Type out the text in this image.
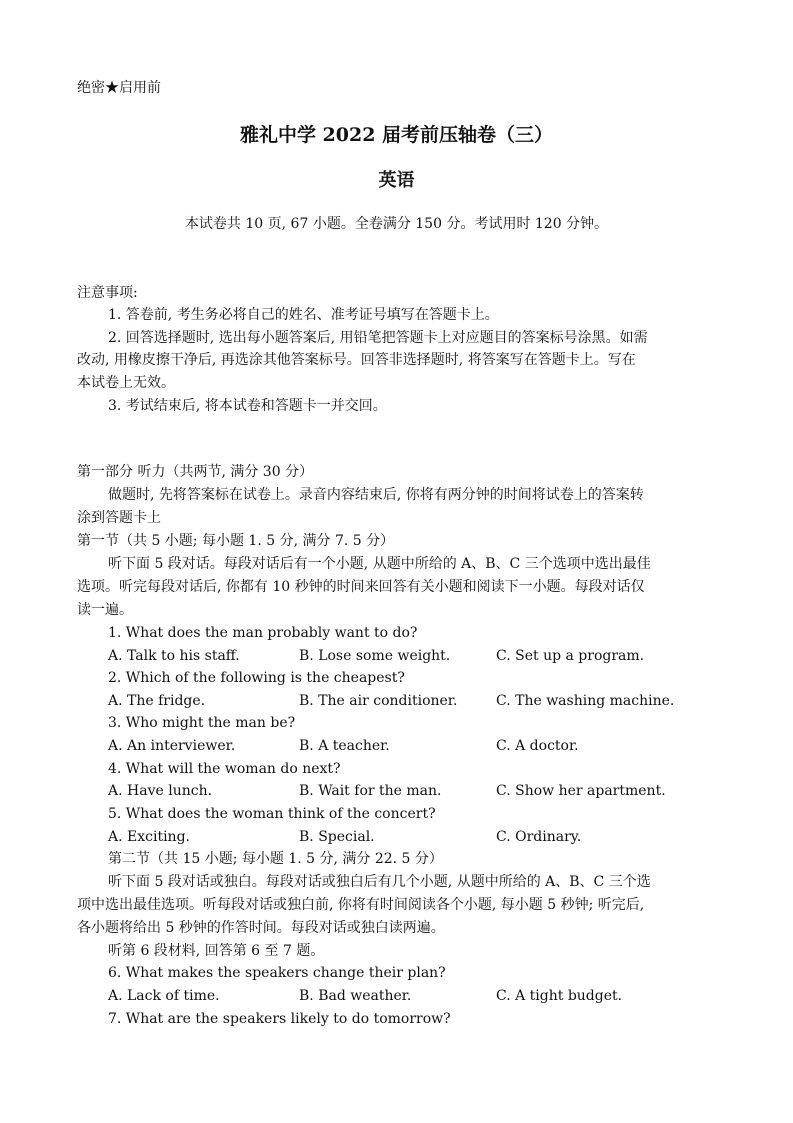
绝密★启用前
雅礼中学 2022 届考前压轴卷（三）
英语
本试卷共 10 页, 67 小题。全卷满分 150 分。考试用时 120 分钟。
注意事项:
1. 答卷前, 考生务必将自己的姓名、准考证号填写在答题卡上。
2. 回答选择题时, 选出每小题答案后, 用铅笔把答题卡上对应题目的答案标号涂黑。如需
改动, 用橡皮擦干净后, 再选涂其他答案标号。回答非选择题时, 将答案写在答题卡上。写在
本试卷上无效。
3. 考试结束后, 将本试卷和答题卡一并交回。
第一部分 听力（共两节, 满分 30 分）
做题时, 先将答案标在试卷上。录音内容结束后, 你将有两分钟的时间将试卷上的答案转
涂到答题卡上
第一节（共 5 小题; 每小题 1. 5 分, 满分 7. 5 分）
听下面 5 段对话。每段对话后有一个小题, 从题中所给的 A、B、C 三个选项中选出最佳
选项。听完每段对话后, 你都有 10 秒钟的时间来回答有关小题和阅读下一小题。每段对话仅
读一遍。
1. What does the man probably want to do?
A. Talk to his staff.	B. Lose some weight.	C. Set up a program.
2. Which of the following is the cheapest?
A. The fridge.	B. The air conditioner.	C. The washing machine.
3. Who might the man be?
A. An interviewer.	B. A teacher.	C. A doctor.
4. What will the woman do next?
A. Have lunch.	B. Wait for the man.	C. Show her apartment.
5. What does the woman think of the concert?
A. Exciting.	B. Special.	C. Ordinary.
第二节（共 15 小题; 每小题 1. 5 分, 满分 22. 5 分）
听下面 5 段对话或独白。每段对话或独白后有几个小题, 从题中所给的 A、B、C 三个选
项中选出最佳选项。听每段对话或独白前, 你将有时间阅读各个小题, 每小题 5 秒钟; 听完后,
各小题将给出 5 秒钟的作答时间。每段对话或独白读两遍。
听第 6 段材料, 回答第 6 至 7 题。
6. What makes the speakers change their plan?
A. Lack of time.	B. Bad weather.	C. A tight budget.
7. What are the speakers likely to do tomorrow?
